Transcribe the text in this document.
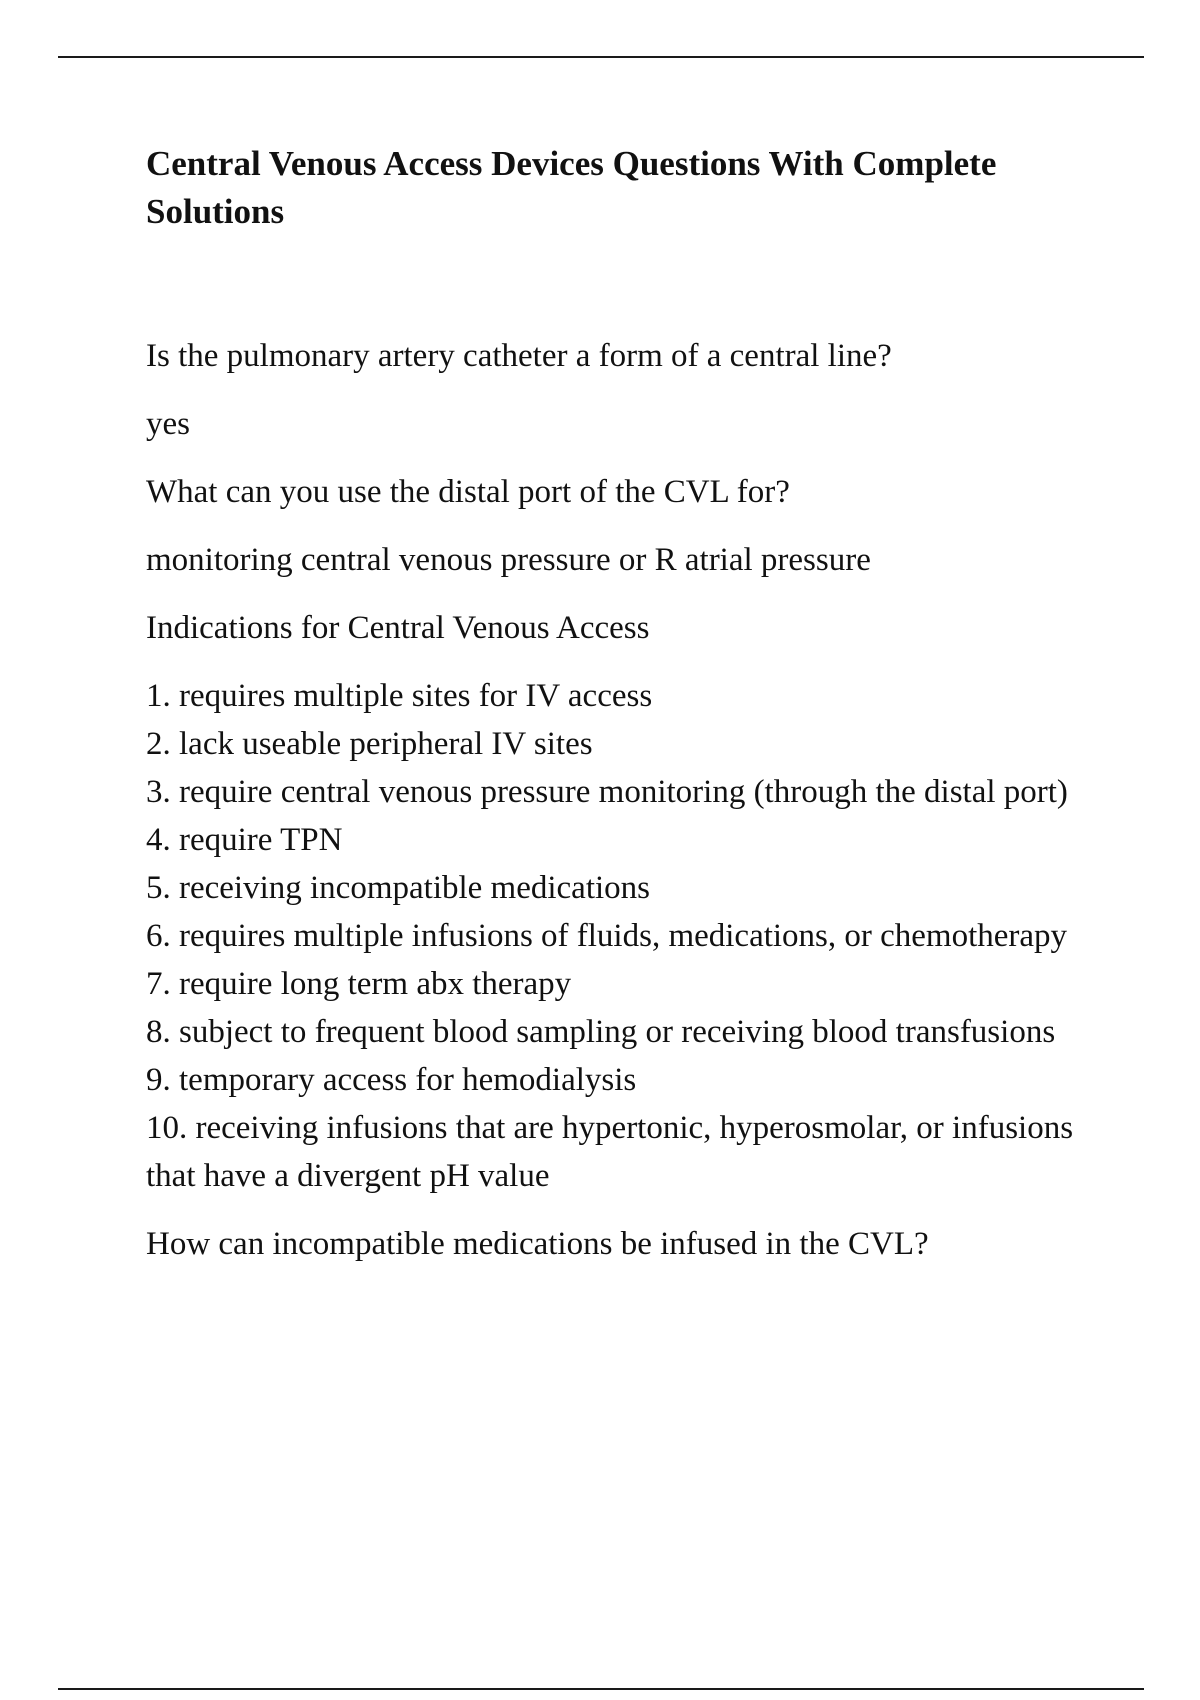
Central Venous Access Devices Questions With Complete Solutions

Is the pulmonary artery catheter a form of a central line?

yes

What can you use the distal port of the CVL for?

monitoring central venous pressure or R atrial pressure

Indications for Central Venous Access

1. requires multiple sites for IV access
2. lack useable peripheral IV sites
3. require central venous pressure monitoring (through the distal port)
4. require TPN
5. receiving incompatible medications
6. requires multiple infusions of fluids, medications, or chemotherapy
7. require long term abx therapy
8. subject to frequent blood sampling or receiving blood transfusions
9. temporary access for hemodialysis
10. receiving infusions that are hypertonic, hyperosmolar, or infusions that have a divergent pH value

How can incompatible medications be infused in the CVL?
